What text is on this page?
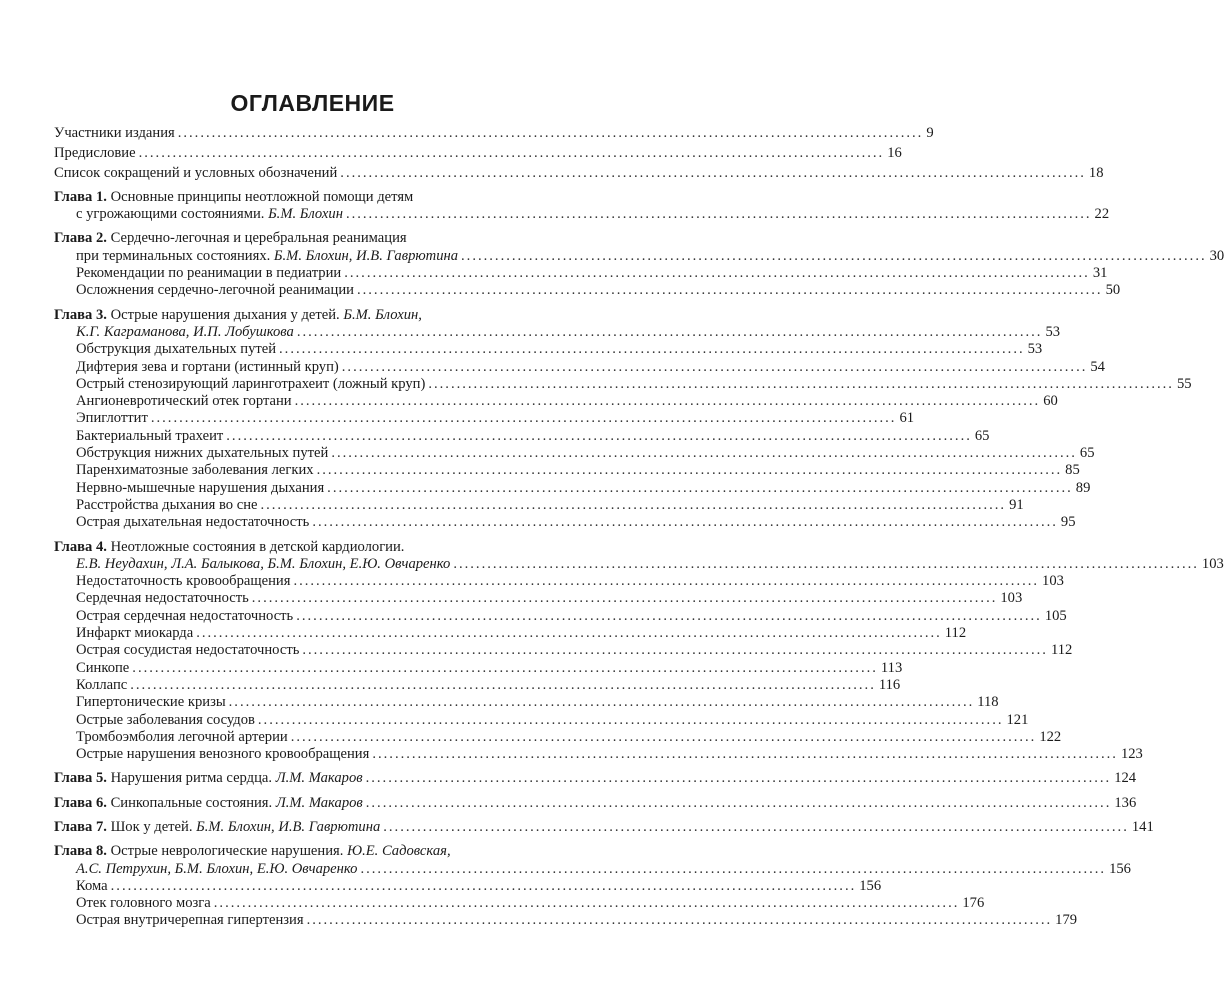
ОГЛАВЛЕНИЕ
Участники издания .................................................................................................................................... 9
Предисловие .................................................................................................................................... 16
Список сокращений и условных обозначений .................................................................................................................................... 18
Глава 1. Основные принципы неотложной помощи детям
с угрожающими состояниями. Б.М. Блохин .................................................................................................................................... 22
Глава 2. Сердечно-легочная и церебральная реанимация
при терминальных состояниях. Б.М. Блохин, И.В. Гаврютина .................................................................................................................................... 30
Рекомендации по реанимации в педиатрии .................................................................................................................................... 31
Осложнения сердечно-легочной реанимации .................................................................................................................................... 50
Глава 3. Острые нарушения дыхания у детей. Б.М. Блохин,
К.Г. Каграманова, И.П. Лобушкова .................................................................................................................................... 53
Обструкция дыхательных путей .................................................................................................................................... 53
Дифтерия зева и гортани (истинный круп) .................................................................................................................................... 54
Острый стенозирующий ларинготрахеит (ложный круп) .................................................................................................................................... 55
Ангионевротический отек гортани .................................................................................................................................... 60
Эпиглоттит .................................................................................................................................... 61
Бактериальный трахеит .................................................................................................................................... 65
Обструкция нижних дыхательных путей .................................................................................................................................... 65
Паренхиматозные заболевания легких .................................................................................................................................... 85
Нервно-мышечные нарушения дыхания .................................................................................................................................... 89
Расстройства дыхания во сне .................................................................................................................................... 91
Острая дыхательная недостаточность .................................................................................................................................... 95
Глава 4. Неотложные состояния в детской кардиологии.
Е.В. Неудахин, Л.А. Балыкова, Б.М. Блохин, Е.Ю. Овчаренко .................................................................................................................................... 103
Недостаточность кровообращения .................................................................................................................................... 103
Сердечная недостаточность .................................................................................................................................... 103
Острая сердечная недостаточность .................................................................................................................................... 105
Инфаркт миокарда .................................................................................................................................... 112
Острая сосудистая недостаточность .................................................................................................................................... 112
Синкопе .................................................................................................................................... 113
Коллапс .................................................................................................................................... 116
Гипертонические кризы .................................................................................................................................... 118
Острые заболевания сосудов .................................................................................................................................... 121
Тромбоэмболия легочной артерии .................................................................................................................................... 122
Острые нарушения венозного кровообращения .................................................................................................................................... 123
Глава 5. Нарушения ритма сердца. Л.М. Макаров .................................................................................................................................... 124
Глава 6. Синкопальные состояния. Л.М. Макаров .................................................................................................................................... 136
Глава 7. Шок у детей. Б.М. Блохин, И.В. Гаврютина .................................................................................................................................... 141
Глава 8. Острые неврологические нарушения. Ю.Е. Садовская,
А.С. Петрухин, Б.М. Блохин, Е.Ю. Овчаренко .................................................................................................................................... 156
Кома .................................................................................................................................... 156
Отек головного мозга .................................................................................................................................... 176
Острая внутричерепная гипертензия .................................................................................................................................... 179
